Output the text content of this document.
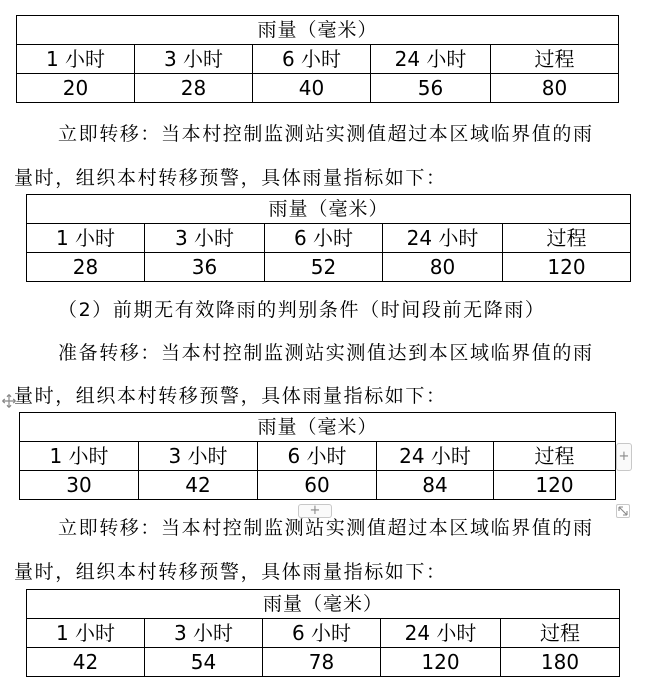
雨量（毫米）				
1 小时	3 小时	6 小时	24 小时	过程
20	28	40	56	80
立即转移：当本村控制监测站实测值超过本区域临界值的雨
量时，组织本村转移预警，具体雨量指标如下：
雨量（毫米）				
1 小时	3 小时	6 小时	24 小时	过程
28	36	52	80	120
（2）前期无有效降雨的判别条件（时间段前无降雨）
准备转移：当本村控制监测站实测值达到本区域临界值的雨
量时，组织本村转移预警，具体雨量指标如下：
雨量（毫米）				
1 小时	3 小时	6 小时	24 小时	过程
30	42	60	84	120
+
+
立即转移：当本村控制监测站实测值超过本区域临界值的雨
量时，组织本村转移预警，具体雨量指标如下：
雨量（毫米）				
1 小时	3 小时	6 小时	24 小时	过程
42	54	78	120	180
